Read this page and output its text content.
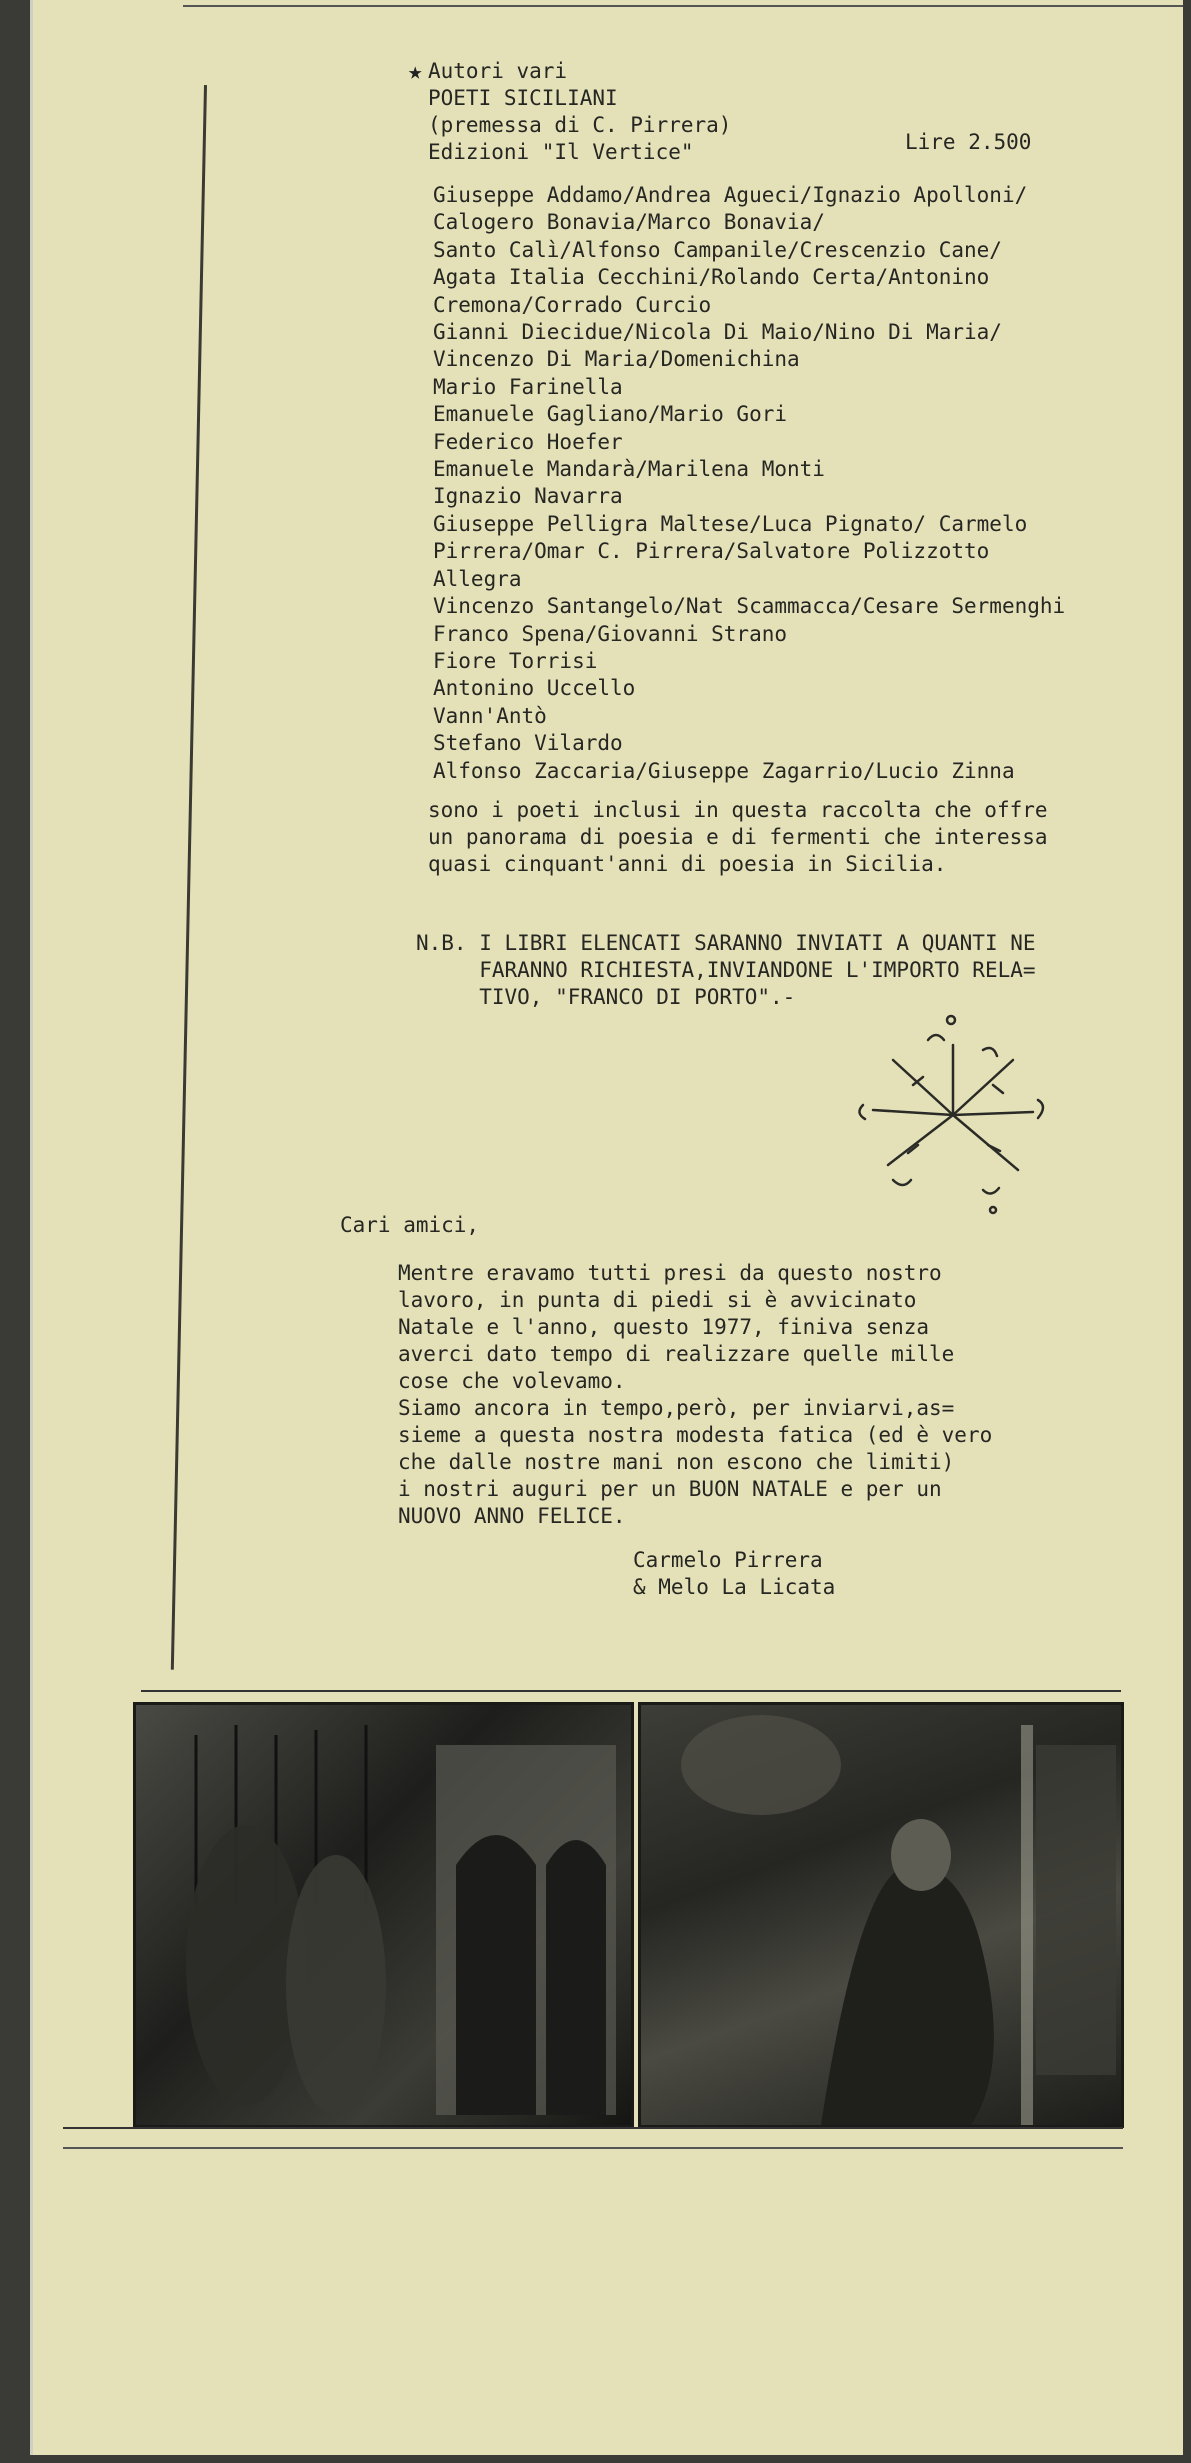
★ Autori vari
POETI SICILIANI
(premessa di C. Pirrera)
Edizioni "Il Vertice"	Lire 2.500
Giuseppe Addamo/Andrea Agueci/Ignazio Apolloni/
Calogero Bonavia/Marco Bonavia/
Santo Calì/Alfonso Campanile/Crescenzio Cane/
Agata Italia Cecchini/Rolando Certa/Antonino
Cremona/Corrado Curcio
Gianni Diecidue/Nicola Di Maio/Nino Di Maria/
Vincenzo Di Maria/Domenichina
Mario Farinella
Emanuele Gagliano/Mario Gori
Federico Hoefer
Emanuele Mandarà/Marilena Monti
Ignazio Navarra
Giuseppe Pelligra Maltese/Luca Pignato/ Carmelo
Pirrera/Omar C. Pirrera/Salvatore Polizzotto
Allegra
Vincenzo Santangelo/Nat Scammacca/Cesare Sermenghi
Franco Spena/Giovanni Strano
Fiore Torrisi
Antonino Uccello
Vann'Antò
Stefano Vilardo
Alfonso Zaccaria/Giuseppe Zagarrio/Lucio Zinna
sono i poeti inclusi in questa raccolta che offre
un panorama di poesia e di fermenti che interessa
quasi cinquant'anni di poesia in Sicilia.
N.B. I LIBRI ELENCATI SARANNO INVIATI A QUANTI NE
FARANNO RICHIESTA,INVIANDONE L'IMPORTO RELA=
TIVO, "FRANCO DI PORTO".-
Cari amici,
Mentre eravamo tutti presi da questo nostro
lavoro, in punta di piedi si è avvicinato
Natale e l'anno, questo 1977, finiva senza
averci dato tempo di realizzare quelle mille
cose che volevamo.
Siamo ancora in tempo,però, per inviarvi,as=
sieme a questa nostra modesta fatica (ed è vero
che dalle nostre mani non escono che limiti)
i nostri auguri per un BUON NATALE e per un
NUOVO ANNO FELICE.
Carmelo Pirrera
& Melo La Licata
